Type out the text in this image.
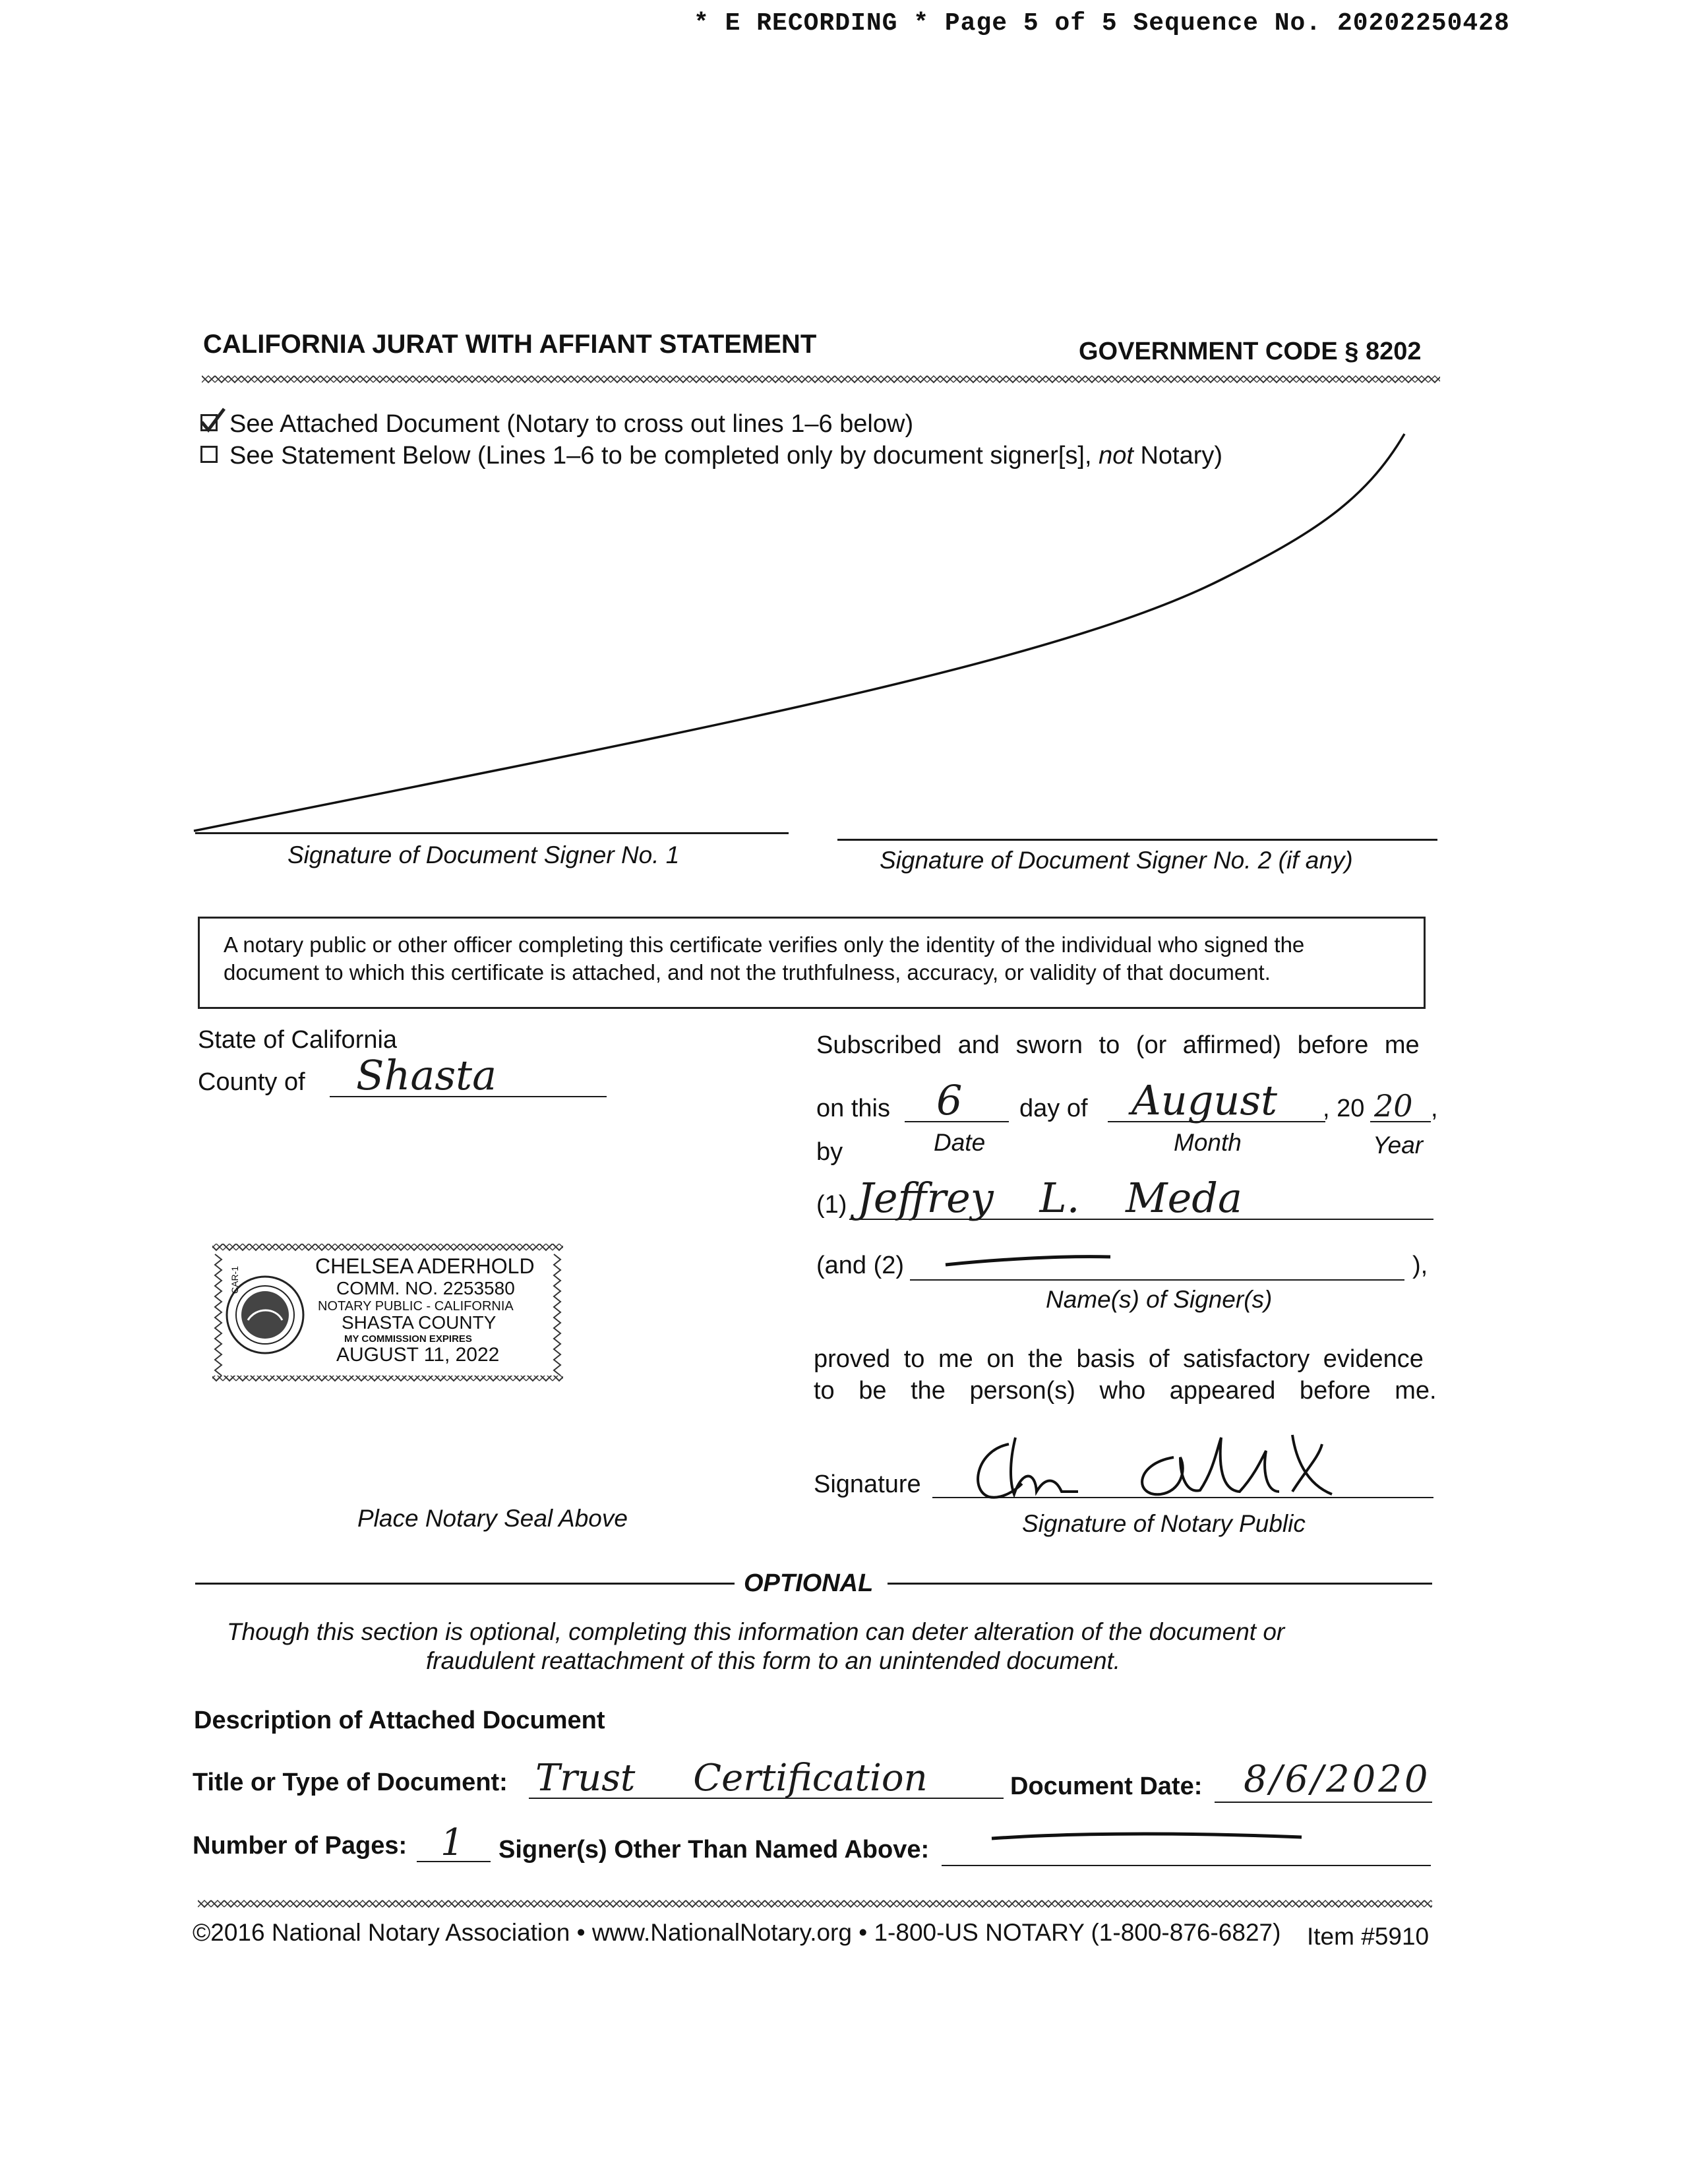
* E RECORDING * Page 5 of 5 Sequence No. 20202250428
CALIFORNIA JURAT WITH AFFIANT STATEMENT	GOVERNMENT CODE § 8202
See Attached Document (Notary to cross out lines 1–6 below)
See Statement Below (Lines 1–6 to be completed only by document signer[s], not Notary)
Signature of Document Signer No. 1	Signature of Document Signer No. 2 (if any)
A notary public or other officer completing this certificate verifies only the identity of the individual who signed the
document to which this certificate is attached, and not the truthfulness, accuracy, or validity of that document.
State of California
County of Shasta
Subscribed and sworn to (or affirmed) before me
on this 6 day of August , 20 20 ,
by	Date	Month	Year
(1) Jeffrey L. Meda
(and (2)	),
Name(s) of Signer(s)
proved to me on the basis of satisfactory evidence
to be the person(s) who appeared before me.
Signature
Signature of Notary Public
CAR-1	CHELSEA ADERHOLD
COMM. NO. 2253580
NOTARY PUBLIC - CALIFORNIA
SHASTA COUNTY
MY COMMISSION EXPIRES
AUGUST 11, 2022
Place Notary Seal Above
OPTIONAL
Though this section is optional, completing this information can deter alteration of the document or
fraudulent reattachment of this form to an unintended document.
Description of Attached Document
Title or Type of Document: Trust Certification	Document Date: 8/6/2020
Number of Pages: 1 Signer(s) Other Than Named Above:
©2016 National Notary Association • www.NationalNotary.org • 1-800-US NOTARY (1-800-876-6827) Item #5910
